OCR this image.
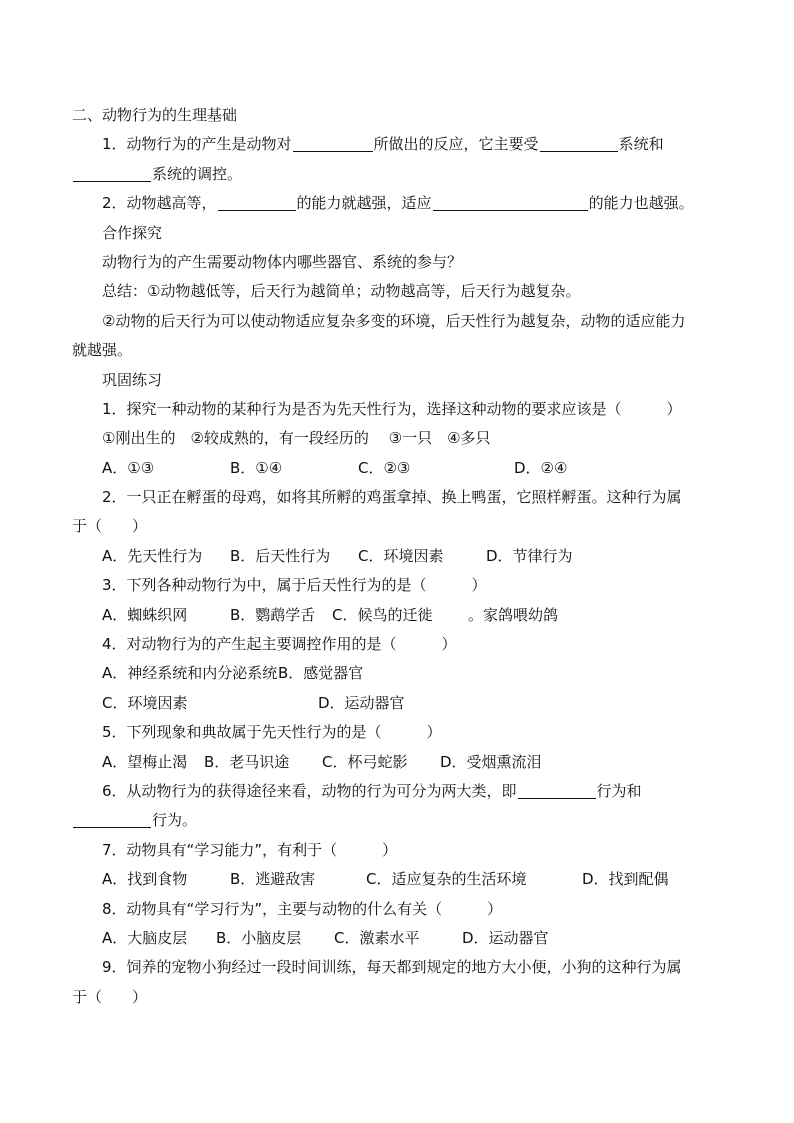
二、动物行为的生理基础
1．动物行为的产生是动物对	所做出的反应，它主要受	系统和
系统的调控。
2．动物越高等，	的能力就越强，适应	的能力也越强。
合作探究
动物行为的产生需要动物体内哪些器官、系统的参与？
总结：①动物越低等，后天行为越简单；动物越高等，后天行为越复杂。
②动物的后天行为可以使动物适应复杂多变的环境，后天性行为越复杂，动物的适应能力
就越强。
巩固练习
1．探究一种动物的某种行为是否为先天性行为，选择这种动物的要求应该是（　　　）
①刚出生的　②较成熟的，有一段经历的　 ③一只　④多只
A．①③	B．①④	C．②③	D．②④
2．一只正在孵蛋的母鸡，如将其所孵的鸡蛋拿掉、换上鸭蛋，它照样孵蛋。这种行为属
于（　　）
A．先天性行为 B．后天性行为 C．环境因素	D．节律行为
3．下列各种动物行为中，属于后天性行为的是（　　　）
A．蜘蛛织网	B．鹦鹉学舌 C．候鸟的迁徙 。家鸽喂幼鸽
4．对动物行为的产生起主要调控作用的是（　　　）
A．神经系统和内分泌系统B．感觉器官
C．环境因素	D．运动器官
5．下列现象和典故属于先天性行为的是（　　　）
A．望梅止渴 B．老马识途 C．杯弓蛇影 D．受烟熏流泪
6．从动物行为的获得途径来看，动物的行为可分为两大类，即	行为和
行为。
7．动物具有“学习能力”，有利于（　　　）
A．找到食物	B．逃避敌害	C．适应复杂的生活环境	D．找到配偶
8．动物具有“学习行为”，主要与动物的什么有关（　　　）
A．大脑皮层 B．小脑皮层 C．激素水平	D．运动器官
9．饲养的宠物小狗经过一段时间训练，每天都到规定的地方大小便，小狗的这种行为属
于（　　）
